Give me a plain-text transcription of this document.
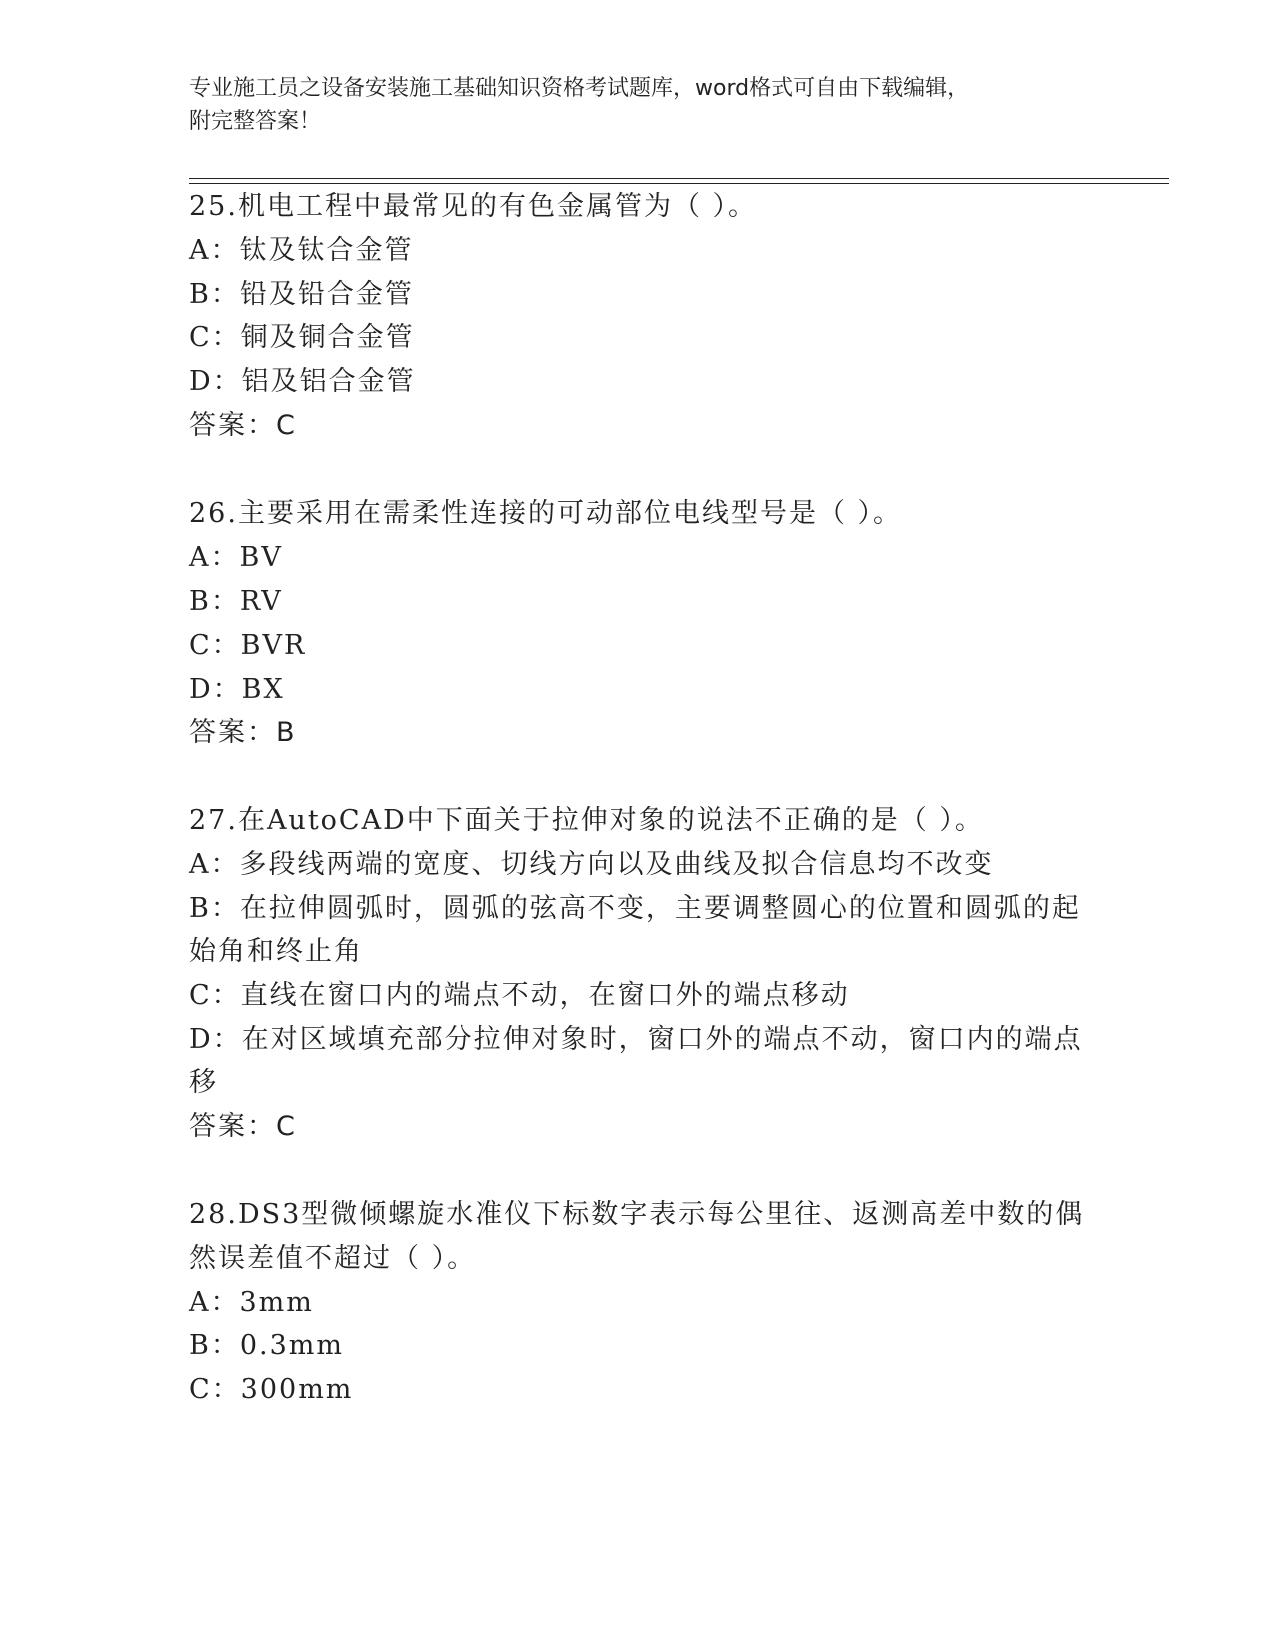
专业施工员之设备安装施工基础知识资格考试题库，word格式可自由下载编辑，
附完整答案！
25.机电工程中最常见的有色金属管为（ ）。
A：钛及钛合金管
B：铅及铅合金管
C：铜及铜合金管
D：铝及铝合金管
答案：C
26.主要采用在需柔性连接的可动部位电线型号是（ ）。
A：BV
B：RV
C：BVR
D：BX
答案：B
27.在AutoCAD中下面关于拉伸对象的说法不正确的是（ ）。
A：多段线两端的宽度、切线方向以及曲线及拟合信息均不改变
B：在拉伸圆弧时，圆弧的弦高不变，主要调整圆心的位置和圆弧的起
始角和终止角
C：直线在窗口内的端点不动，在窗口外的端点移动
D：在对区域填充部分拉伸对象时，窗口外的端点不动，窗口内的端点
移
答案：C
28.DS3型微倾螺旋水准仪下标数字表示每公里往、返测高差中数的偶
然误差值不超过（ ）。
A：3mm
B：0.3mm
C：300mm
